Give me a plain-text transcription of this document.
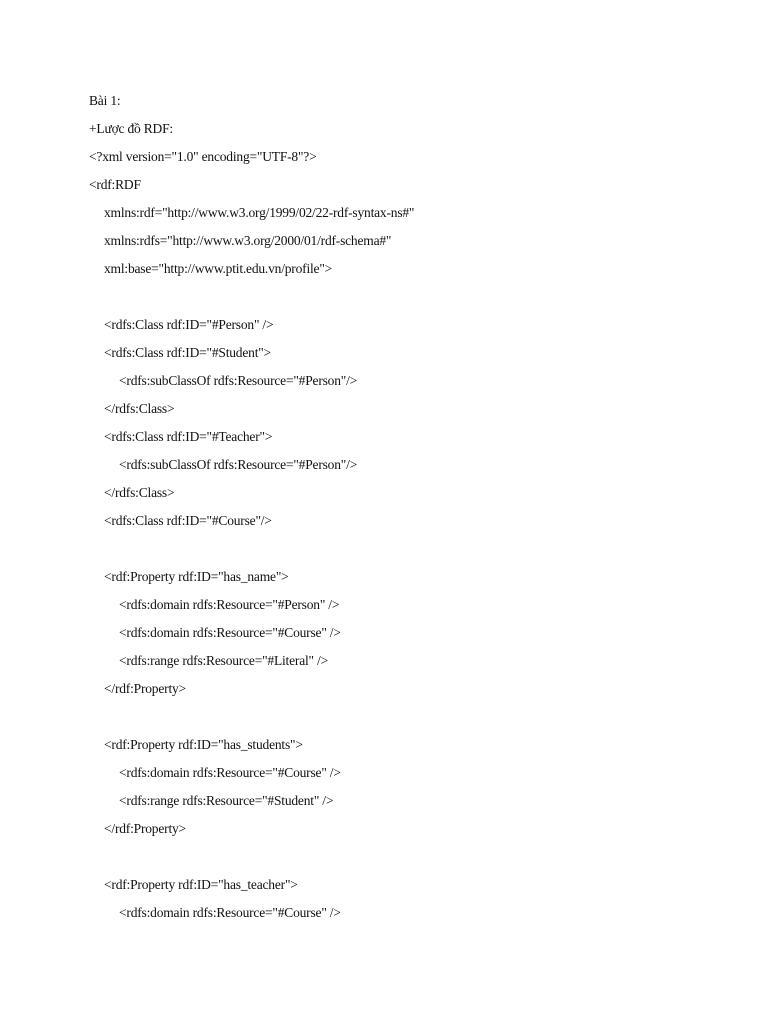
Bài 1:
+Lược đồ RDF:
<?xml version="1.0" encoding="UTF-8"?>
<rdf:RDF
xmlns:rdf="http://www.w3.org/1999/02/22-rdf-syntax-ns#"
xmlns:rdfs="http://www.w3.org/2000/01/rdf-schema#"
xml:base="http://www.ptit.edu.vn/profile">
<rdfs:Class rdf:ID="#Person" />
<rdfs:Class rdf:ID="#Student">
<rdfs:subClassOf rdfs:Resource="#Person"/>
</rdfs:Class>
<rdfs:Class rdf:ID="#Teacher">
<rdfs:subClassOf rdfs:Resource="#Person"/>
</rdfs:Class>
<rdfs:Class rdf:ID="#Course"/>
<rdf:Property rdf:ID="has_name">
<rdfs:domain rdfs:Resource="#Person" />
<rdfs:domain rdfs:Resource="#Course" />
<rdfs:range rdfs:Resource="#Literal" />
</rdf:Property>
<rdf:Property rdf:ID="has_students">
<rdfs:domain rdfs:Resource="#Course" />
<rdfs:range rdfs:Resource="#Student" />
</rdf:Property>
<rdf:Property rdf:ID="has_teacher">
<rdfs:domain rdfs:Resource="#Course" />
